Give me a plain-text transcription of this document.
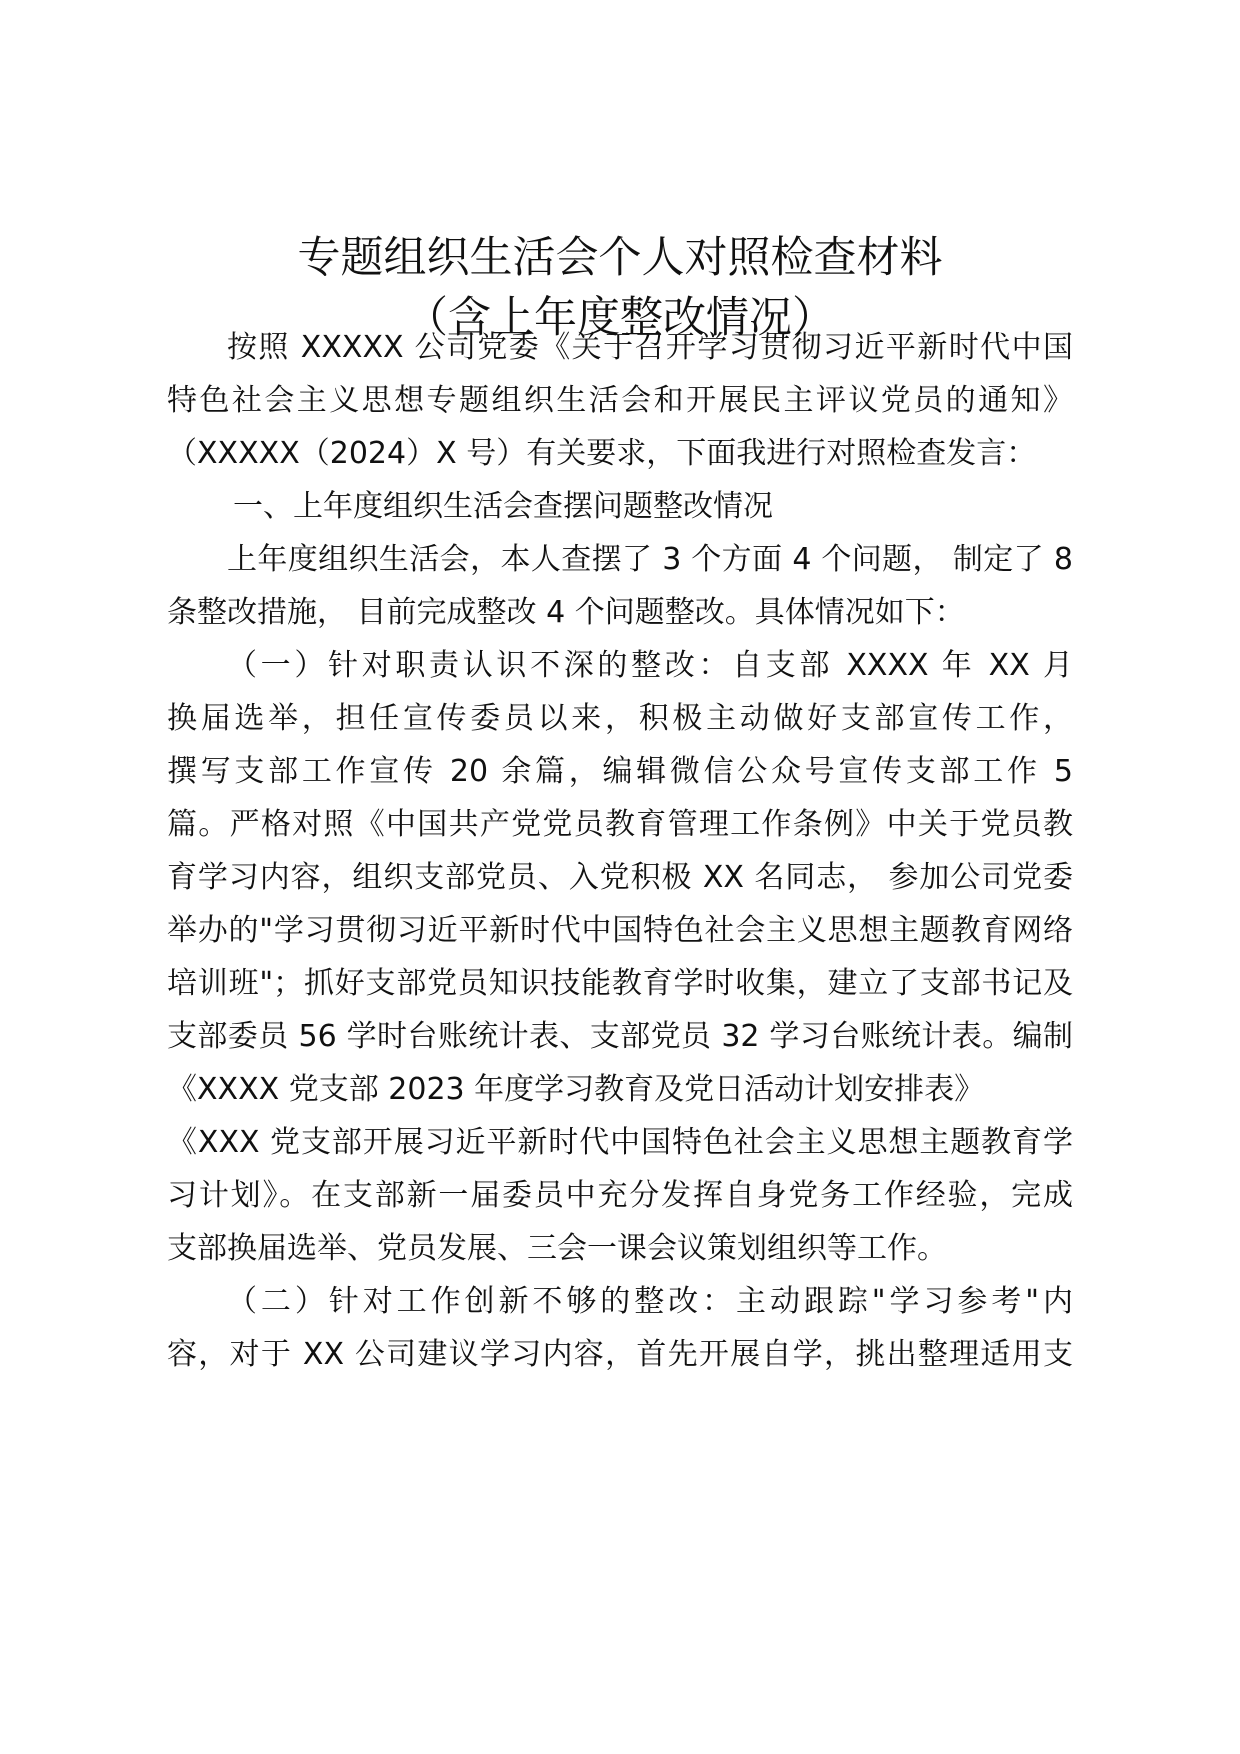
专题组织生活会个人对照检查材料
（含上年度整改情况）
按照 XXXXX 公司党委《关于召开学习贯彻习近平新时代中国
特色社会主义思想专题组织生活会和开展民主评议党员的通知》
（XXXXX（2024）X 号）有关要求，下面我进行对照检查发言：
一、上年度组织生活会查摆问题整改情况
上年度组织生活会，本人查摆了 3 个方面 4 个问题， 制定了 8
条整改措施， 目前完成整改 4 个问题整改。具体情况如下：
（一）针对职责认识不深的整改：自支部 XXXX 年 XX 月
换届选举，担任宣传委员以来，积极主动做好支部宣传工作，
撰写支部工作宣传 20 余篇，编辑微信公众号宣传支部工作 5
篇。严格对照《中国共产党党员教育管理工作条例》中关于党员教
育学习内容，组织支部党员、入党积极 XX 名同志， 参加公司党委
举办的"学习贯彻习近平新时代中国特色社会主义思想主题教育网络
培训班"；抓好支部党员知识技能教育学时收集，建立了支部书记及
支部委员 56 学时台账统计表、支部党员 32 学习台账统计表。编制
《XXXX 党支部 2023 年度学习教育及党日活动计划安排表》
《XXX 党支部开展习近平新时代中国特色社会主义思想主题教育学
习计划》。在支部新一届委员中充分发挥自身党务工作经验，完成
支部换届选举、党员发展、三会一课会议策划组织等工作。
（二）针对工作创新不够的整改：主动跟踪"学习参考"内
容，对于 XX 公司建议学习内容，首先开展自学，挑出整理适用支
